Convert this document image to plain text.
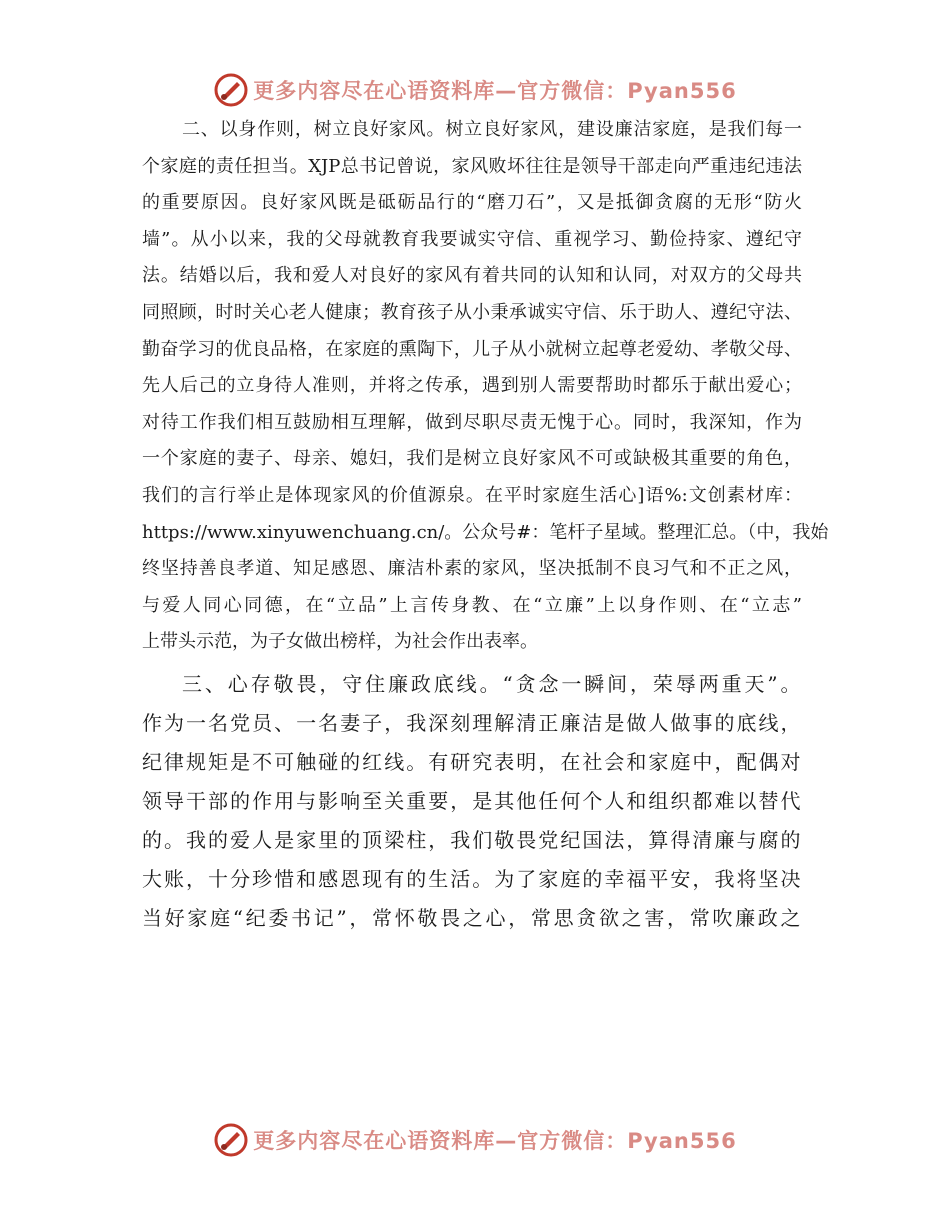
更多内容尽在心语资料库—官方微信：Pyan556

二、以身作则，树立良好家风。树立良好家风，建设廉洁家庭，是我们每一
个家庭的责任担当。XJP总书记曾说，家风败坏往往是领导干部走向严重违纪违法
的重要原因。良好家风既是砥砺品行的“磨刀石”，又是抵御贪腐的无形“防火
墙”。从小以来，我的父母就教育我要诚实守信、重视学习、勤俭持家、遵纪守
法。结婚以后，我和爱人对良好的家风有着共同的认知和认同，对双方的父母共
同照顾，时时关心老人健康；教育孩子从小秉承诚实守信、乐于助人、遵纪守法、
勤奋学习的优良品格，在家庭的熏陶下，儿子从小就树立起尊老爱幼、孝敬父母、
先人后己的立身待人准则，并将之传承，遇到别人需要帮助时都乐于献出爱心；
对待工作我们相互鼓励相互理解，做到尽职尽责无愧于心。同时，我深知，作为
一个家庭的妻子、母亲、媳妇，我们是树立良好家风不可或缺极其重要的角色，
我们的言行举止是体现家风的价值源泉。在平时家庭生活心]语%:文创素材库：
https://www.xinyuwenchuang.cn/。公众号#：笔杆子星域。整理汇总。（中，我始
终坚持善良孝道、知足感恩、廉洁朴素的家风，坚决抵制不良习气和不正之风，
与爱人同心同德，在“立品”上言传身教、在“立廉”上以身作则、在“立志”
上带头示范，为子女做出榜样，为社会作出表率。

三、心存敬畏，守住廉政底线。“贪念一瞬间，荣辱两重天”。
作为一名党员、一名妻子，我深刻理解清正廉洁是做人做事的底线，
纪律规矩是不可触碰的红线。有研究表明，在社会和家庭中，配偶对
领导干部的作用与影响至关重要，是其他任何个人和组织都难以替代
的。我的爱人是家里的顶梁柱，我们敬畏党纪国法，算得清廉与腐的
大账，十分珍惜和感恩现有的生活。为了家庭的幸福平安，我将坚决
当好家庭“纪委书记”，常怀敬畏之心，常思贪欲之害，常吹廉政之

更多内容尽在心语资料库—官方微信：Pyan556
